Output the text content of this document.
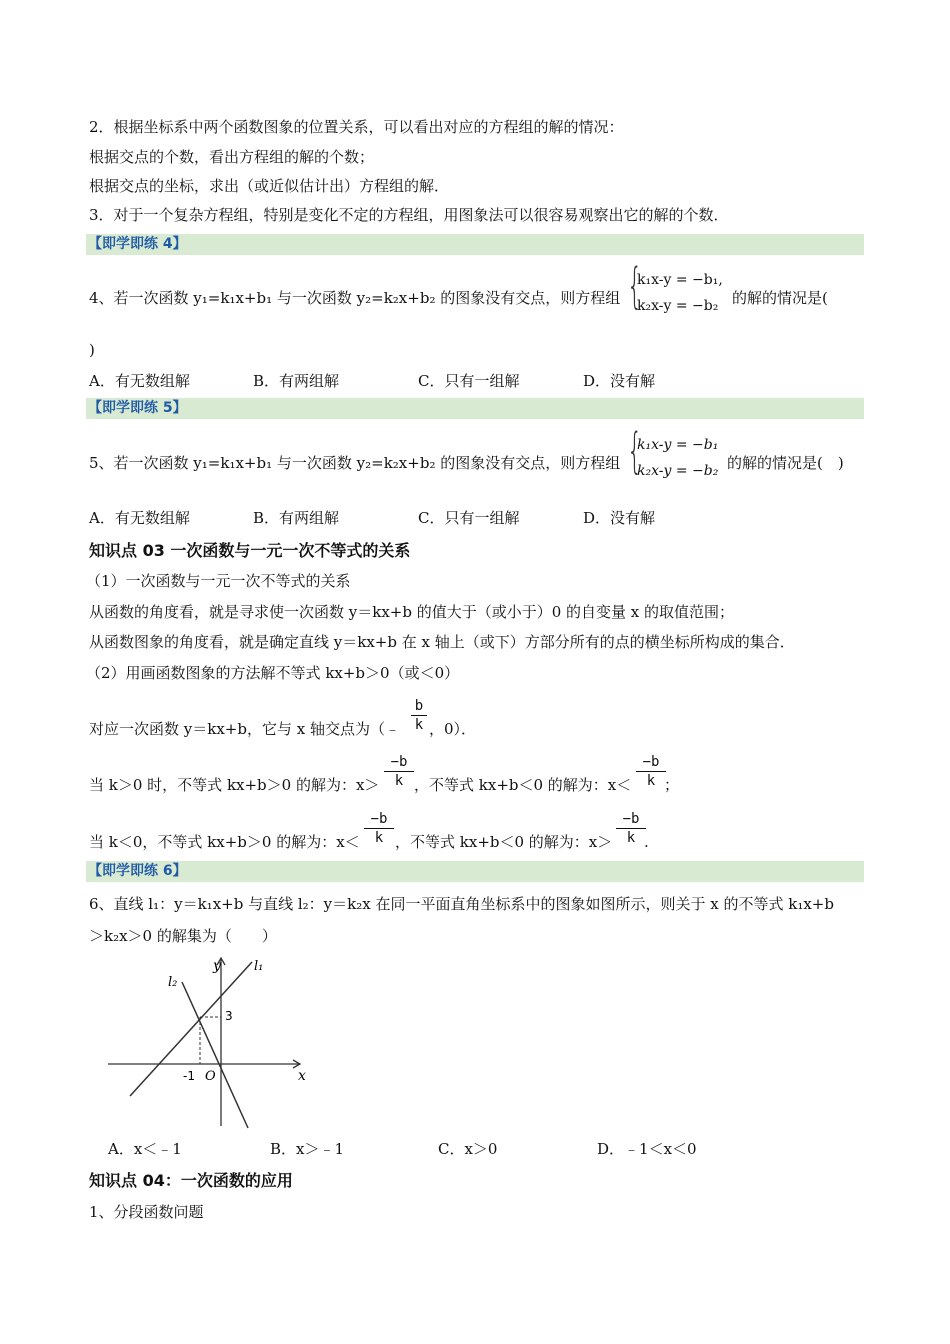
2．根据坐标系中两个函数图象的位置关系，可以看出对应的方程组的解的情况：
根据交点的个数，看出方程组的解的个数；
根据交点的坐标，求出（或近似估计出）方程组的解．
3．对于一个复杂方程组，特别是变化不定的方程组，用图象法可以很容易观察出它的解的个数．
【即学即练 4】
4、若一次函数 y₁=k₁x+b₁ 与一次函数 y₂=k₂x+b₂ 的图象没有交点，则方程组 {
k₁x-y = −b₁,
k₂x-y = −b₂ 的解的情况是(
)
A．有无数组解	B．有两组解	C．只有一组解	D．没有解
【即学即练 5】
5、若一次函数 y₁=k₁x+b₁ 与一次函数 y₂=k₂x+b₂ 的图象没有交点，则方程组 {
k₁x-y = −b₁
k₂x-y = −b₂ 的解的情况是(　)
A．有无数组解	B．有两组解	C．只有一组解	D．没有解
知识点 03 一次函数与一元一次不等式的关系
（1）一次函数与一元一次不等式的关系
从函数的角度看，就是寻求使一次函数 y＝kx+b 的值大于（或小于）0 的自变量 x 的取值范围；
从函数图象的角度看，就是确定直线 y＝kx+b 在 x 轴上（或下）方部分所有的点的横坐标所构成的集合．
（2）用画函数图象的方法解不等式 kx+b＞0（或＜0）
对应一次函数 y＝kx+b，它与 x 轴交点为（﹣
b
k ，0）．
当 k＞0 时，不等式 kx+b＞0 的解为：x＞
−b
k ，不等式 kx+b＜0 的解为：x＜
−b
k ；
当 k＜0，不等式 kx+b＞0 的解为：x＜
−b
k ，不等式 kx+b＜0 的解为：x＞
−b
k .
【即学即练 6】
6、直线 l₁：y＝k₁x+b 与直线 l₂：y＝k₂x 在同一平面直角坐标系中的图象如图所示，则关于 x 的不等式 k₁x+b
＞k₂x＞0 的解集为（　　）
y
x
l₁
l₂
3
-1 O
A．x＜﹣1	B．x＞﹣1	C．x＞0	D．﹣1＜x＜0
知识点 04：一次函数的应用
1、分段函数问题
